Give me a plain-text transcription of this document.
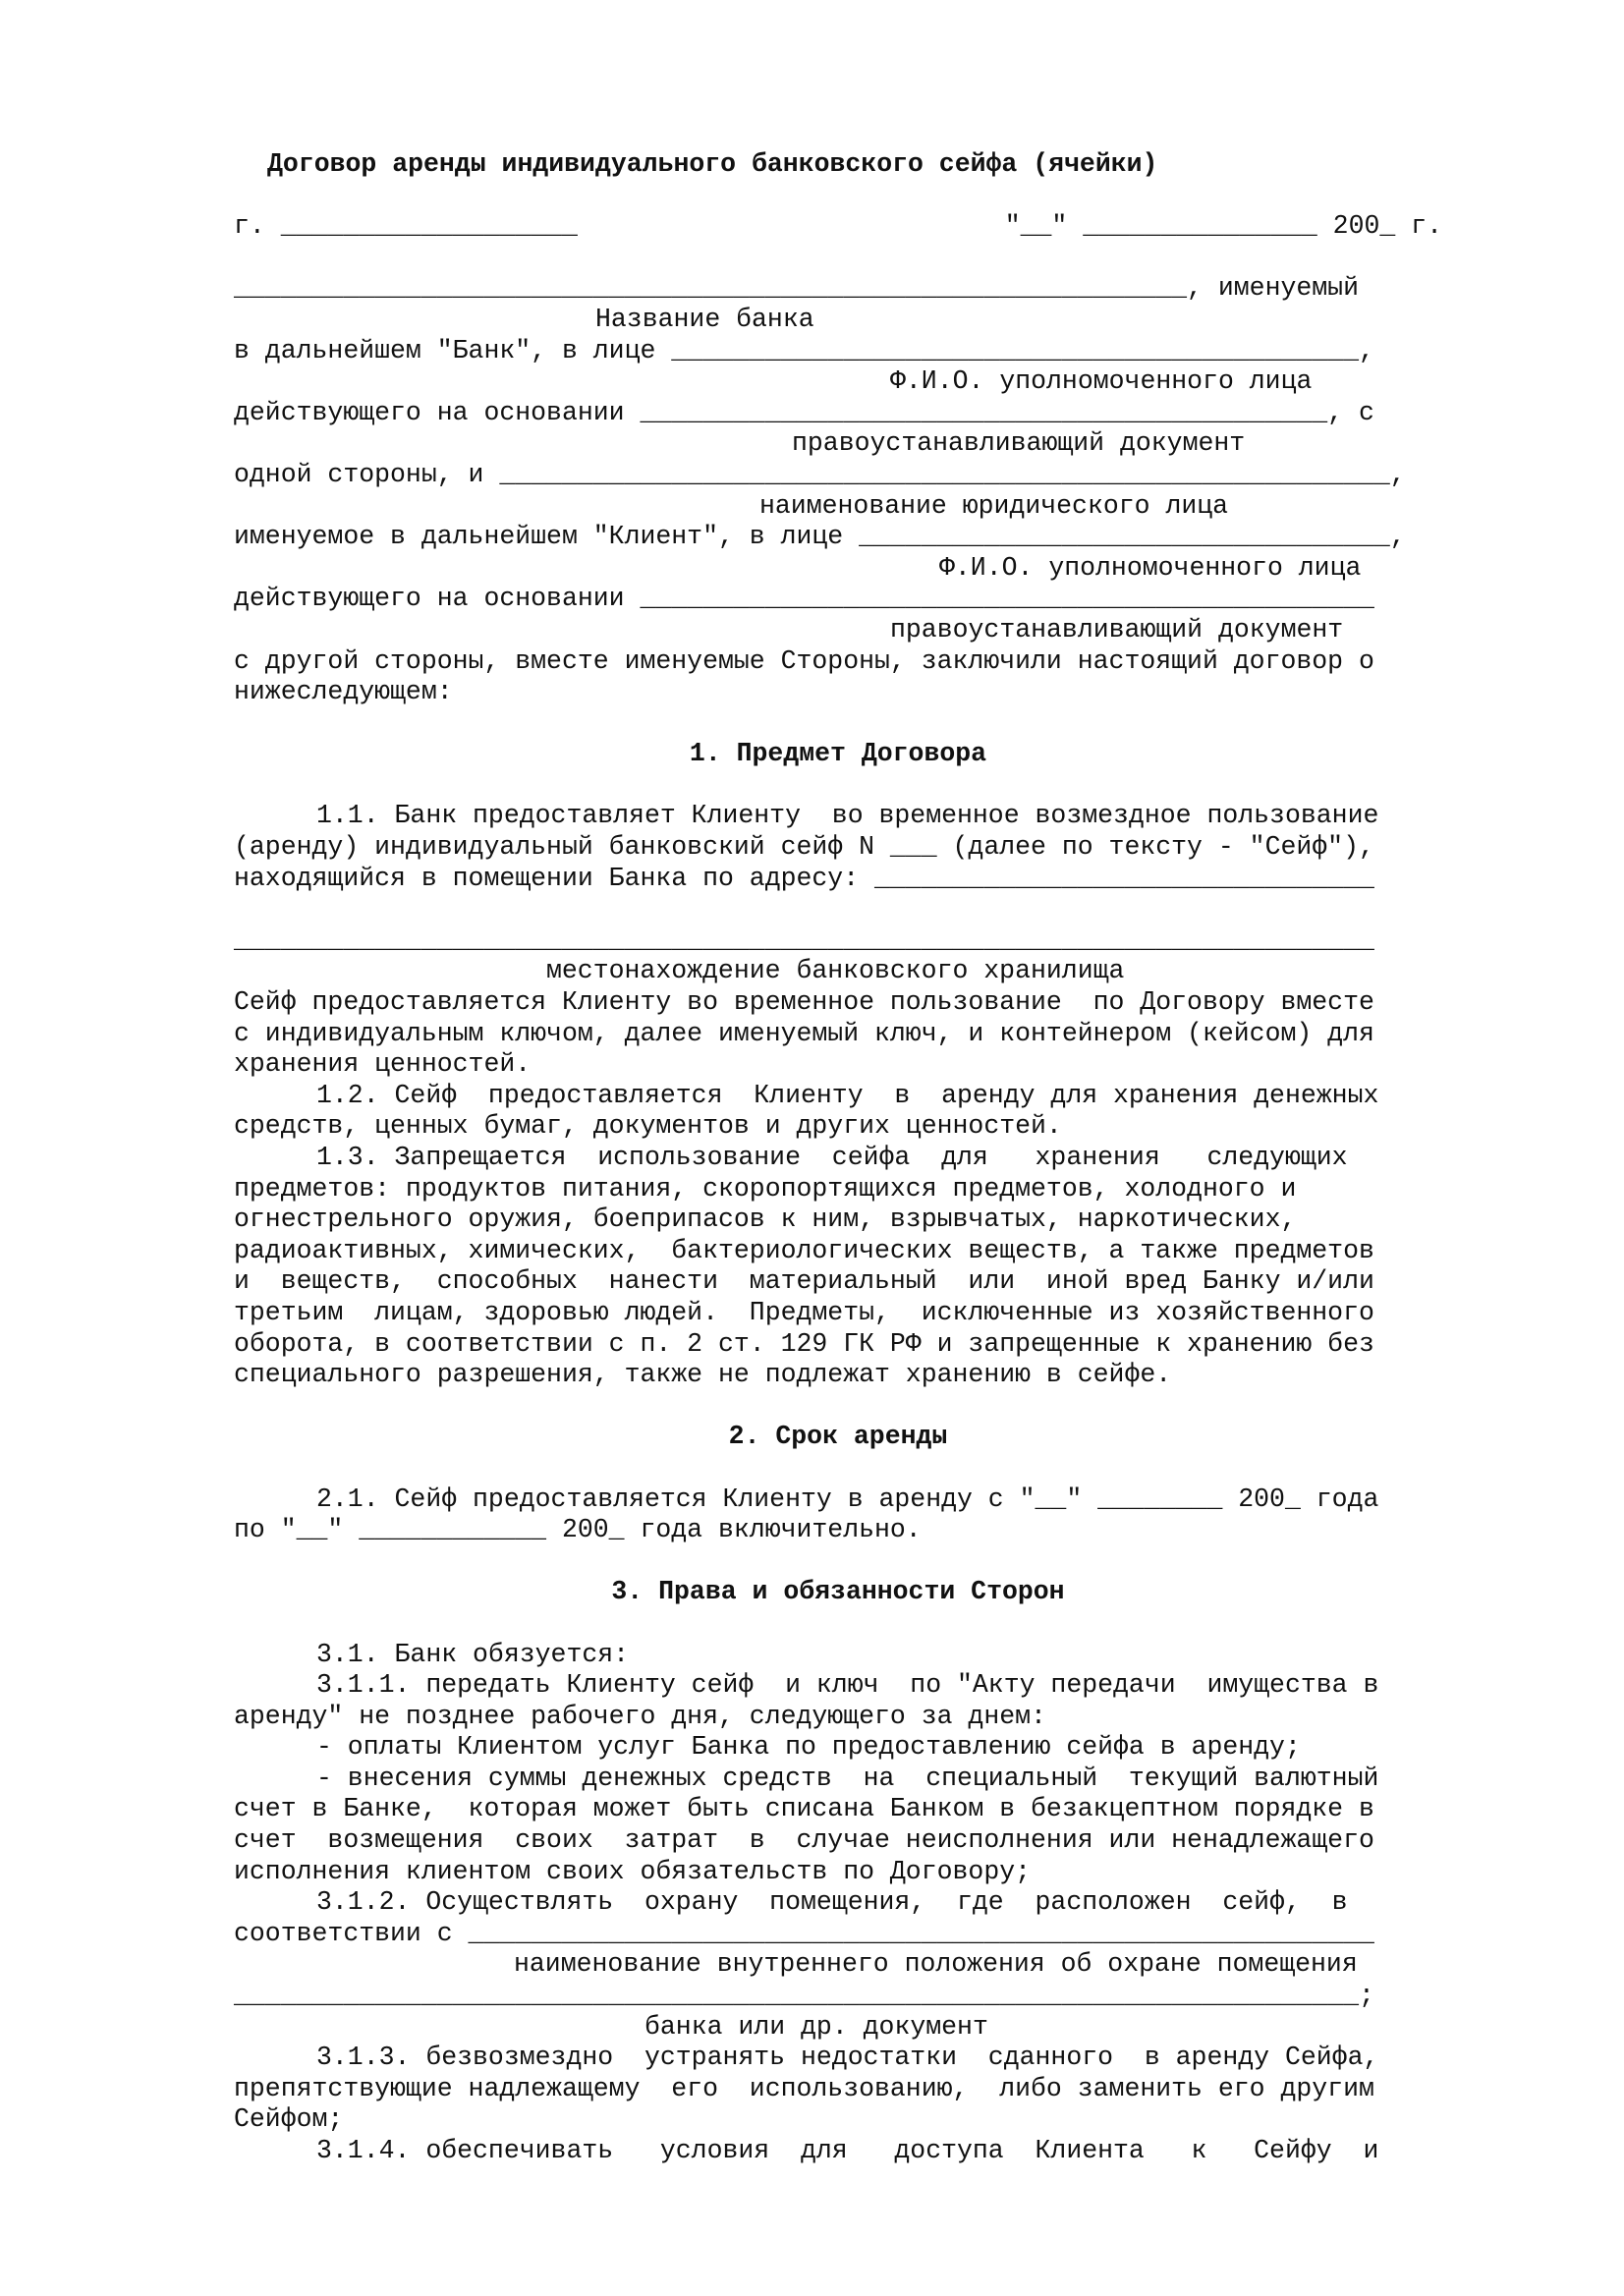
Договор аренды индивидуального банковского сейфа (ячейки)
г. ___________________	"__" _______________ 200_ г.
_____________________________________________________________, именуемый
Название банка
в дальнейшем "Банк", в лице ____________________________________________,
Ф.И.О. уполномоченного лица
действующего на основании ____________________________________________, с
правоустанавливающий документ
одной стороны, и _________________________________________________________,
наименование юридического лица
именуемое в дальнейшем "Клиент", в лице __________________________________,
Ф.И.О. уполномоченного лица
действующего на основании _______________________________________________
правоустанавливающий документ
с другой стороны, вместе именуемые Стороны, заключили настоящий договор о
нижеследующем:
1. Предмет Договора
1.1. Банк предоставляет Клиенту  во временное возмездное пользование
(аренду) индивидуальный банковский сейф N ___ (далее по тексту - "Сейф"),
находящийся в помещении Банка по адресу: ________________________________
_________________________________________________________________________
местонахождение банковского хранилища
Сейф предоставляется Клиенту во временное пользование  по Договору вместе
с индивидуальным ключом, далее именуемый ключ, и контейнером (кейсом) для
хранения ценностей.
1.2. Сейф  предоставляется  Клиенту  в  аренду для хранения денежных
средств, ценных бумаг, документов и других ценностей.
1.3. Запрещается  использование  сейфа  для   хранения   следующих
предметов: продуктов питания, скоропортящихся предметов, холодного и
огнестрельного оружия, боеприпасов к ним, взрывчатых, наркотических,
радиоактивных, химических,  бактериологических веществ, а также предметов
и  веществ,  способных  нанести  материальный  или  иной вред Банку и/или
третьим  лицам, здоровью людей.  Предметы,  исключенные из хозяйственного
оборота, в соответствии с п. 2 ст. 129 ГК РФ и запрещенные к хранению без
специального разрешения, также не подлежат хранению в сейфе.
2. Срок аренды
2.1. Сейф предоставляется Клиенту в аренду с "__" ________ 200_ года
по "__" ____________ 200_ года включительно.
3. Права и обязанности Сторон
3.1. Банк обязуется:
3.1.1. передать Клиенту сейф  и ключ  по "Акту передачи  имущества в
аренду" не позднее рабочего дня, следующего за днем:
- оплаты Клиентом услуг Банка по предоставлению сейфа в аренду;
- внесения суммы денежных средств  на  специальный  текущий валютный
счет в Банке,  которая может быть списана Банком в безакцептном порядке в
счет  возмещения  своих  затрат  в  случае неисполнения или ненадлежащего
исполнения клиентом своих обязательств по Договору;
3.1.2. Осуществлять  охрану  помещения,  где  расположен  сейф,  в
соответствии с __________________________________________________________
наименование внутреннего положения об охране помещения
________________________________________________________________________;
банка или др. документ
3.1.3. безвозмездно  устранять недостатки  сданного  в аренду Сейфа,
препятствующие надлежащему  его  использованию,  либо заменить его другим
Сейфом;
3.1.4. обеспечивать   условия  для   доступа  Клиента   к   Сейфу  и
